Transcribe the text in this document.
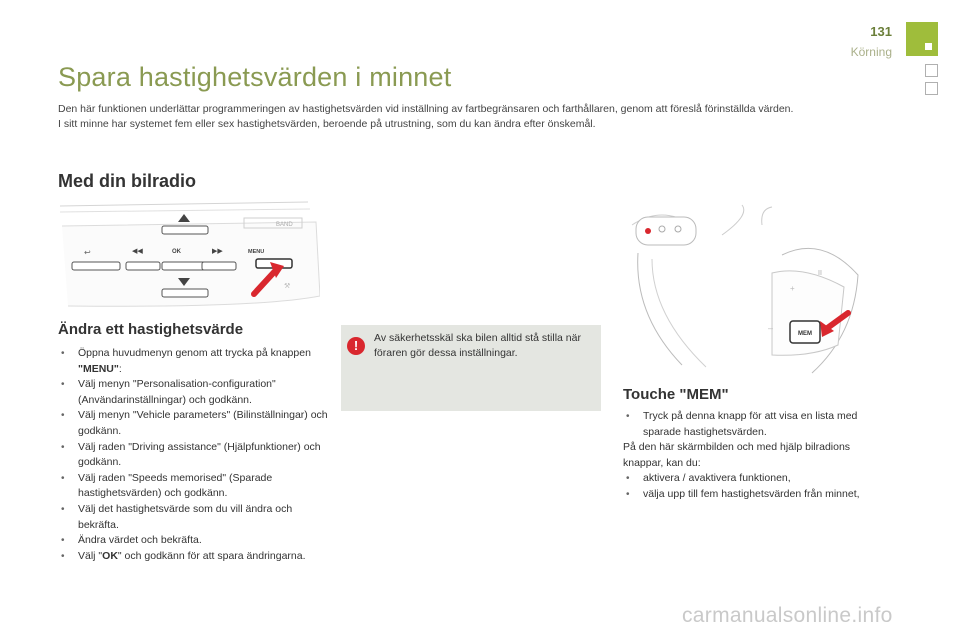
131
Körning
Spara hastighetsvärden i minnet

Den här funktionen underlättar programmeringen av hastighetsvärden vid inställning av fartbegränsaren och farthållaren, genom att föreslå förinställda värden.

I sitt minne har systemet fem eller sex hastighetsvärden, beroende på utrustning, som du kan ändra efter önskemål.

Med din bilradio
BAND
↩	◀◀	OK	▶▶	MENU
⚒
Ändra ett hastighetsvärde
• Öppna huvudmenyn genom att trycka på knappen "MENU":
• Välj menyn "Personalisation-configuration" (Användarinställningar) och godkänn.
• Välj menyn "Vehicle parameters" (Bilinställningar) och godkänn.
• Välj raden "Driving assistance" (Hjälpfunktioner) och godkänn.
• Välj raden "Speeds memorised" (Sparade hastighetsvärden) och godkänn.
• Välj det hastighetsvärde som du vill ändra och bekräfta.
• Ändra värdet och bekräfta.
• Välj "OK" och godkänn för att spara ändringarna.
!	Av säkerhetsskäl ska bilen alltid stå stilla när föraren gör dessa inställningar.
II
+
–
MEM
Touche "MEM"
• Tryck på denna knapp för att visa en lista med sparade hastighetsvärden.

På den här skärmbilden och med hjälp bilradions knappar, kan du:

• aktivera / avaktivera funktionen,
• välja upp till fem hastighetsvärden från minnet,
carmanualsonline.info
